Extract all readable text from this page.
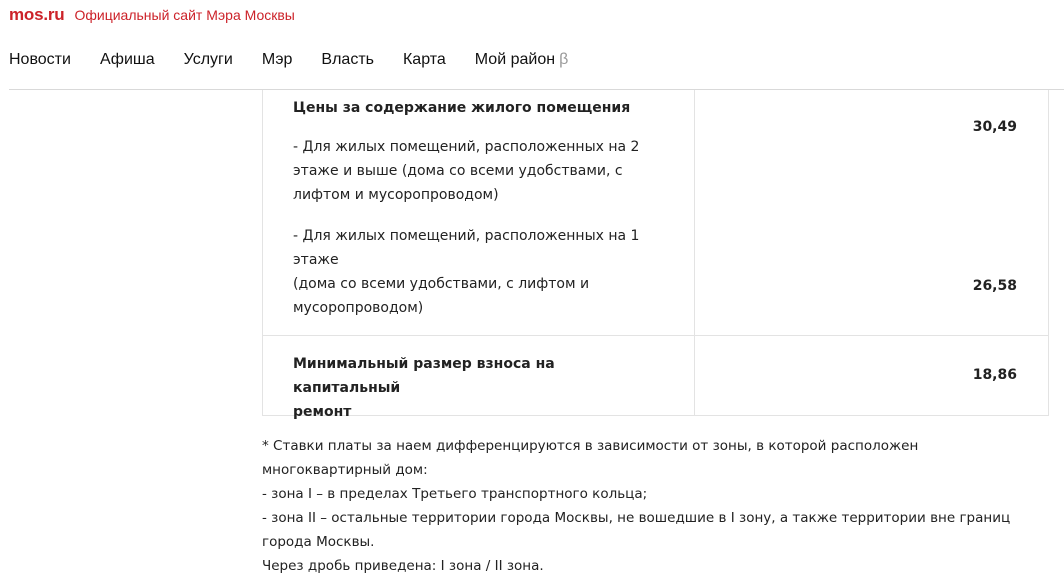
mos.ru Официальный сайт Мэра Москвы
Новости Афиша Услуги Мэр Власть Карта Мой район β
Цены за содержание жилого помещения
- Для жилых помещений, расположенных на 2
этаже и выше (дома со всеми удобствами, с
лифтом и мусоропроводом)
30,49
- Для жилых помещений, расположенных на 1
этаже
(дома со всеми удобствами, с лифтом и
мусоропроводом)
26,58
Минимальный размер взноса на капитальный
ремонт
18,86
* Ставки платы за наем дифференцируются в зависимости от зоны, в которой расположен
многоквартирный дом:
- зона I – в пределах Третьего транспортного кольца;
- зона II – остальные территории города Москвы, не вошедшие в I зону, а также территории вне границ
города Москвы.
Через дробь приведена: I зона / II зона.
